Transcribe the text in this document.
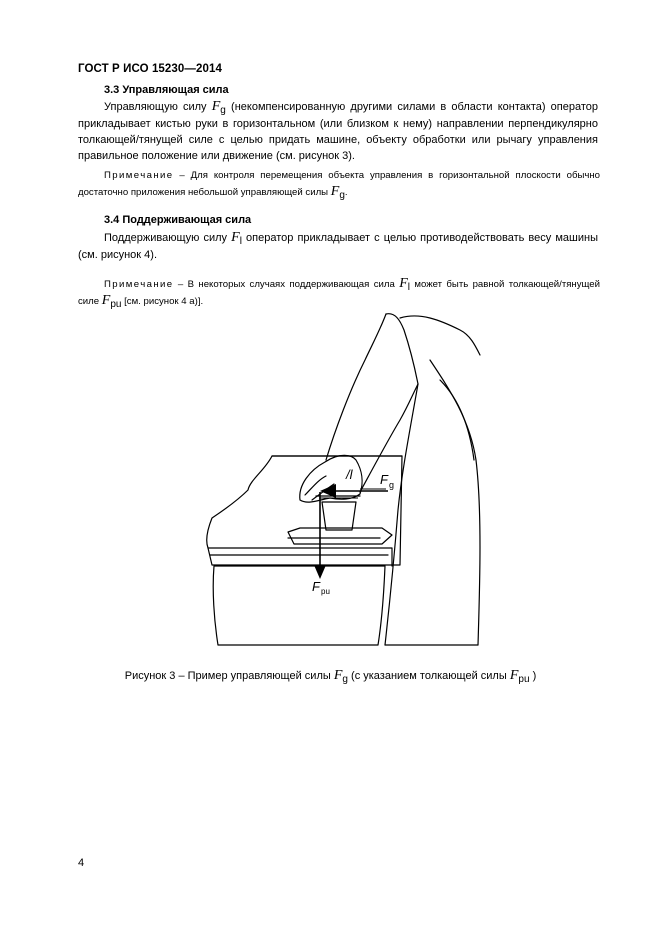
ГОСТ Р ИСО 15230—2014
3.3 Управляющая сила
Управляющую силу $F_g$ (некомпенсированную другими силами в области контакта) оператор прикладывает кистью руки в горизонтальном (или близком к нему) направлении перпендикулярно толкающей/тянущей силе с целью придать машине, объекту обработки или рычагу управления правильное положение или движение (см. рисунок 3).
Примечание – Для контроля перемещения объекта управления в горизонтальной плоскости обычно достаточно приложения небольшой управляющей силы $F_g$.
3.4 Поддерживающая сила
Поддерживающую силу $F_l$ оператор прикладывает с целью противодействовать весу машины (см. рисунок 4).
Примечание – В некоторых случаях поддерживающая сила $F_l$ может быть равной толкающей/тянущей силе $F_{pu}$ [см. рисунок 4 а)].
/l F g
F pu
Рисунок 3 – Пример управляющей силы $F_g$ (с указанием толкающей силы $F_{pu}$ )
4
